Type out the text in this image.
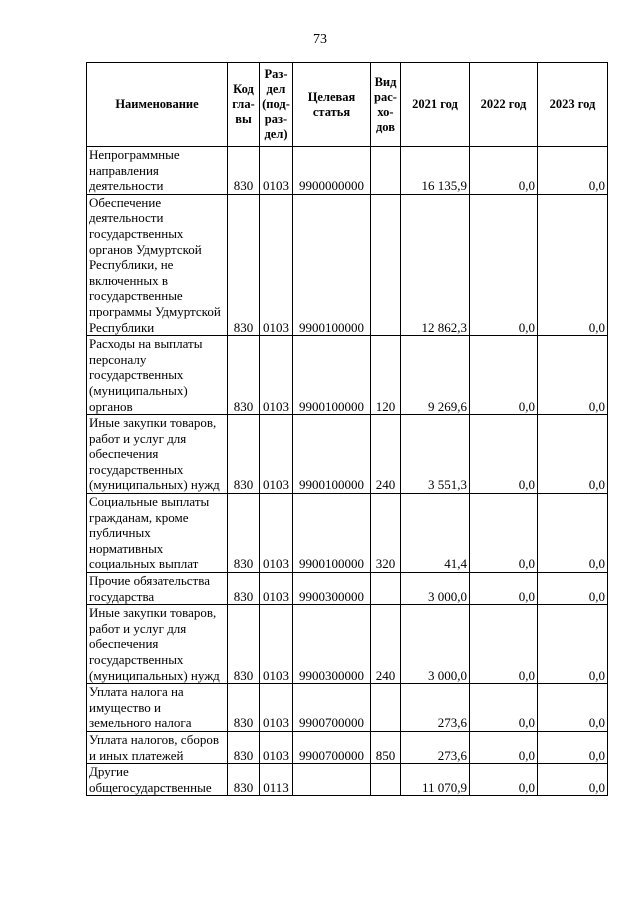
73
Наименование	Код гла-вы	Раз-дел (под-раз-дел)	Целевая статья	Вид рас-хо-дов	2021 год	2022 год	2023 год
Непрограммные направления деятельности	830	0103	9900000000		16 135,9	0,0	0,0
Обеспечение деятельности государственных органов Удмуртской Республики, не включенных в государственные программы Удмуртской Республики	830	0103	9900100000		12 862,3	0,0	0,0
Расходы на выплаты персоналу государственных (муниципальных) органов	830	0103	9900100000	120	9 269,6	0,0	0,0
Иные закупки товаров, работ и услуг для обеспечения государственных (муниципальных) нужд	830	0103	9900100000	240	3 551,3	0,0	0,0
Социальные выплаты гражданам, кроме публичных нормативных социальных выплат	830	0103	9900100000	320	41,4	0,0	0,0
Прочие обязательства государства	830	0103	9900300000		3 000,0	0,0	0,0
Иные закупки товаров, работ и услуг для обеспечения государственных (муниципальных) нужд	830	0103	9900300000	240	3 000,0	0,0	0,0
Уплата налога на имущество и земельного налога	830	0103	9900700000		273,6	0,0	0,0
Уплата налогов, сборов и иных платежей	830	0103	9900700000	850	273,6	0,0	0,0
Другие общегосударственные	830	0113			11 070,9	0,0	0,0
